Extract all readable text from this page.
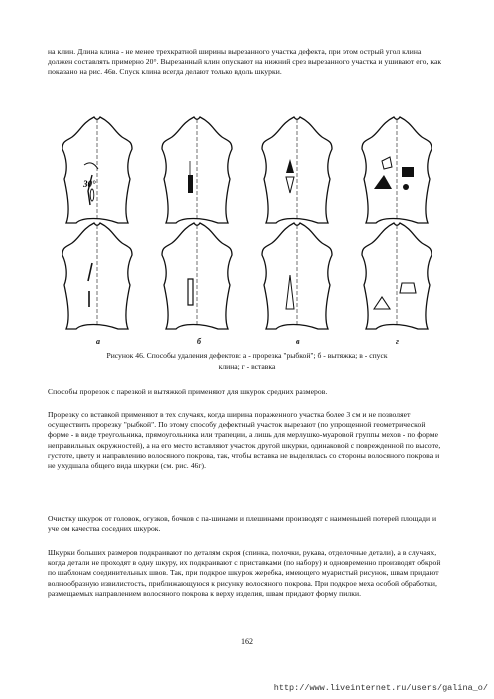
на клин. Длина клина - не менее трехкратной ширины вырезанного участка дефекта, при этом острый угол клина должен составлять примерно 20°. Вырезанный клин опускают на нижний срез вырезанного участка и ушивают его, как показано на рис. 46в. Спуск клина всегда делают только вдоль шкурки.

30°
а	б	в	г
Рисунок 46. Способы удаления дефектов: а - прорезка "рыбкой"; б - вытяжка; в - спуск
клина; г - вставка

Способы прорезок с парезкой и вытяжкой применяют для шкурок средних размеров.

Прорезку со вставкой применяют в тех случаях, когда ширина пораженного участка более 3 см и не позволяет осуществить прорезку "рыбкой". По этому способу дефектный участок вырезают (по упрощенной геометрической форме - в виде треугольника, прямоугольника или трапеции, а лишь для мерлушко-муаровой группы мехов - по форме неправильных окружностей), а на его место вставляют участок другой шкурки, одинаковой с поврежденной по высоте, густоте, цвету и направлению волосяного покрова, так, чтобы вставка не выделялась со стороны волосяного покрова и не ухудшала общего вида шкурки (см. рис. 46г).

Очистку шкурок от головок, огузков, бочков с па-шинами и плешинами производят с наименьшей потерей площади и уче ом качества соседних шкурок.

Шкурки больших размеров подкраивают по деталям скроя (спинка, полочки, рукава, отделочные детали), а в случаях, когда детали не проходят в одну шкуру, их подкраивают с приставками (по набору) и одновременно производят обкрой по шаблонам соединительных швов. Так, при подкрое шкурок жеребка, имеющего муаристый рисунок, швам придают волнообразную извилистость, приближающуюся к рисунку волосяного покрова. При подкрое меха особой обработки, размещаемых направлением волосяного покрова к верху изделия, швам придают форму пилки.

162
http://www.liveinternet.ru/users/galina_o/
